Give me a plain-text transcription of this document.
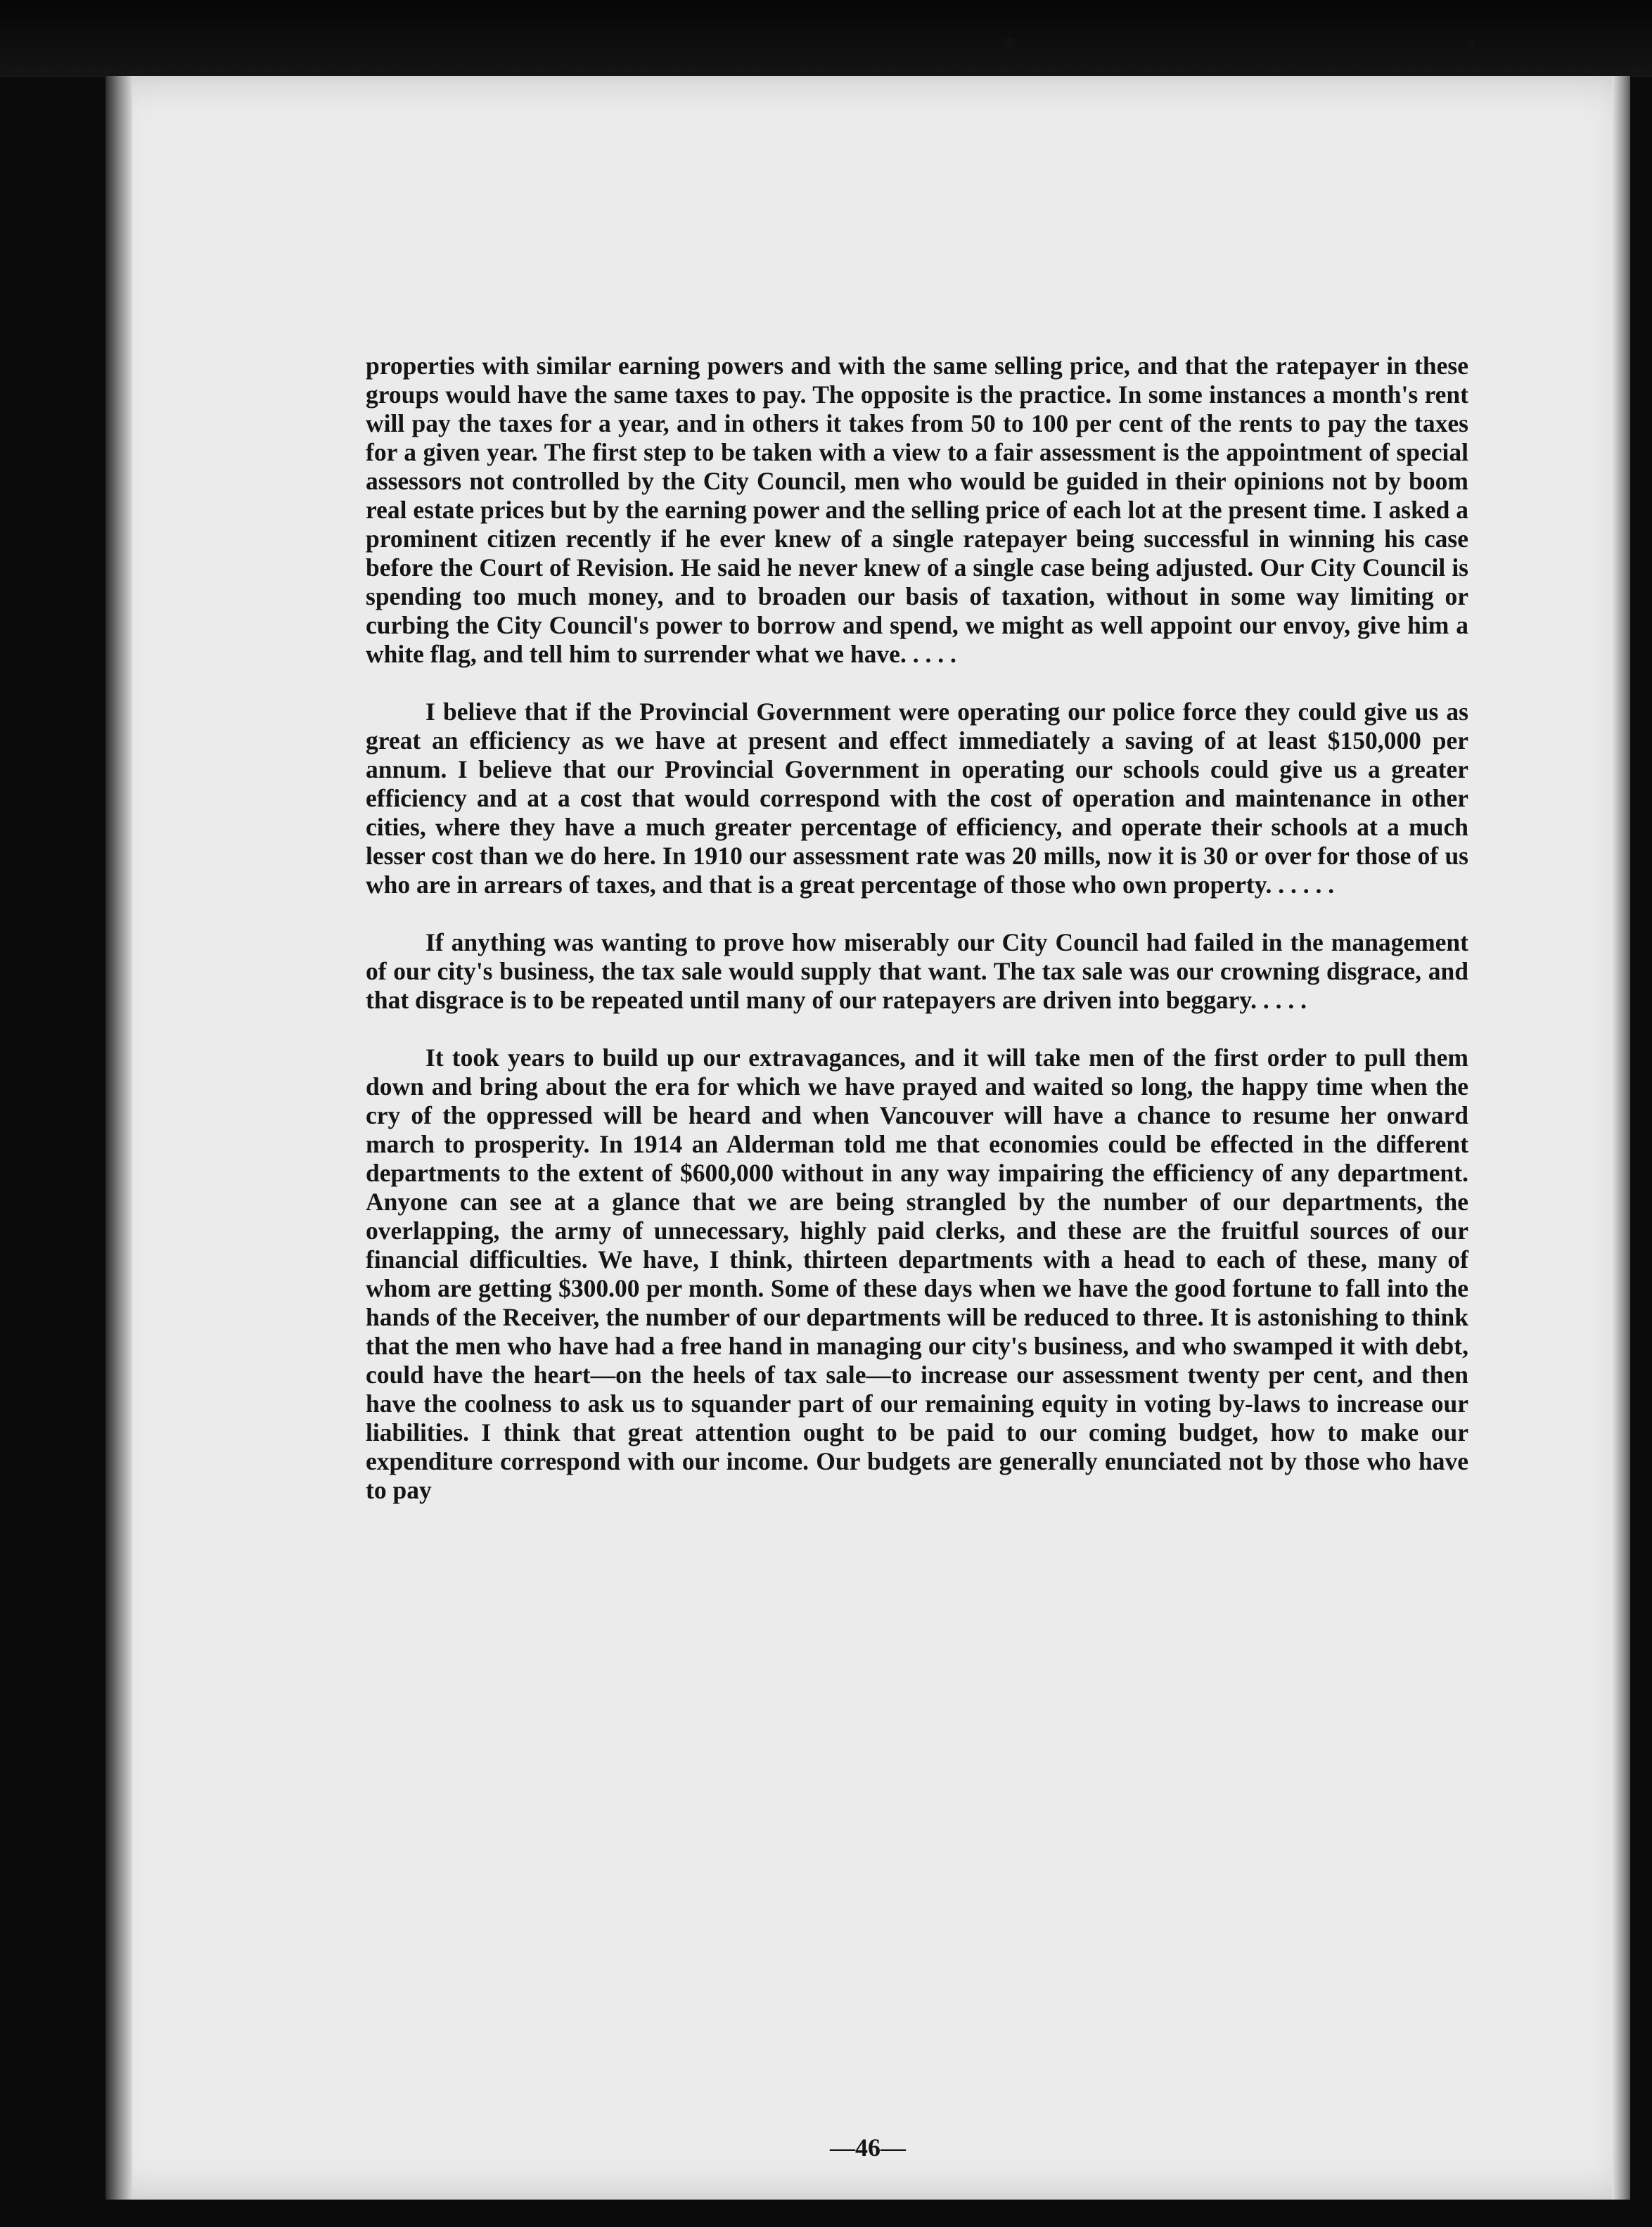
properties with similar earning powers and with the same selling price, and that the ratepayer in these groups would have the same taxes to pay. The opposite is the practice. In some instances a month's rent will pay the taxes for a year, and in others it takes from 50 to 100 per cent of the rents to pay the taxes for a given year. The first step to be taken with a view to a fair assessment is the appointment of special assessors not controlled by the City Council, men who would be guided in their opinions not by boom real estate prices but by the earning power and the selling price of each lot at the present time. I asked a prominent citizen recently if he ever knew of a single ratepayer being successful in winning his case before the Court of Revision. He said he never knew of a single case being adjusted. Our City Council is spending too much money, and to broaden our basis of taxation, without in some way limiting or curbing the City Council's power to borrow and spend, we might as well appoint our envoy, give him a white flag, and tell him to surrender what we have. . . . .

I believe that if the Provincial Government were operating our police force they could give us as great an efficiency as we have at present and effect immediately a saving of at least $150,000 per annum. I believe that our Provincial Government in operating our schools could give us a greater efficiency and at a cost that would correspond with the cost of operation and maintenance in other cities, where they have a much greater percentage of efficiency, and operate their schools at a much lesser cost than we do here. In 1910 our assessment rate was 20 mills, now it is 30 or over for those of us who are in arrears of taxes, and that is a great percentage of those who own property. . . . . .

If anything was wanting to prove how miserably our City Council had failed in the management of our city's business, the tax sale would supply that want. The tax sale was our crowning disgrace, and that disgrace is to be repeated until many of our ratepayers are driven into beggary. . . . .

It took years to build up our extravagances, and it will take men of the first order to pull them down and bring about the era for which we have prayed and waited so long, the happy time when the cry of the oppressed will be heard and when Vancouver will have a chance to resume her onward march to prosperity. In 1914 an Alderman told me that economies could be effected in the different departments to the extent of $600,000 without in any way impairing the efficiency of any department. Anyone can see at a glance that we are being strangled by the number of our departments, the overlapping, the army of unnecessary, highly paid clerks, and these are the fruitful sources of our financial difficulties. We have, I think, thirteen departments with a head to each of these, many of whom are getting $300.00 per month. Some of these days when we have the good fortune to fall into the hands of the Receiver, the number of our departments will be reduced to three. It is astonishing to think that the men who have had a free hand in managing our city's business, and who swamped it with debt, could have the heart—on the heels of tax sale—to increase our assessment twenty per cent, and then have the coolness to ask us to squander part of our remaining equity in voting by-laws to increase our liabilities. I think that great attention ought to be paid to our coming budget, how to make our expenditure correspond with our income. Our budgets are generally enunciated not by those who have to pay

—46—
